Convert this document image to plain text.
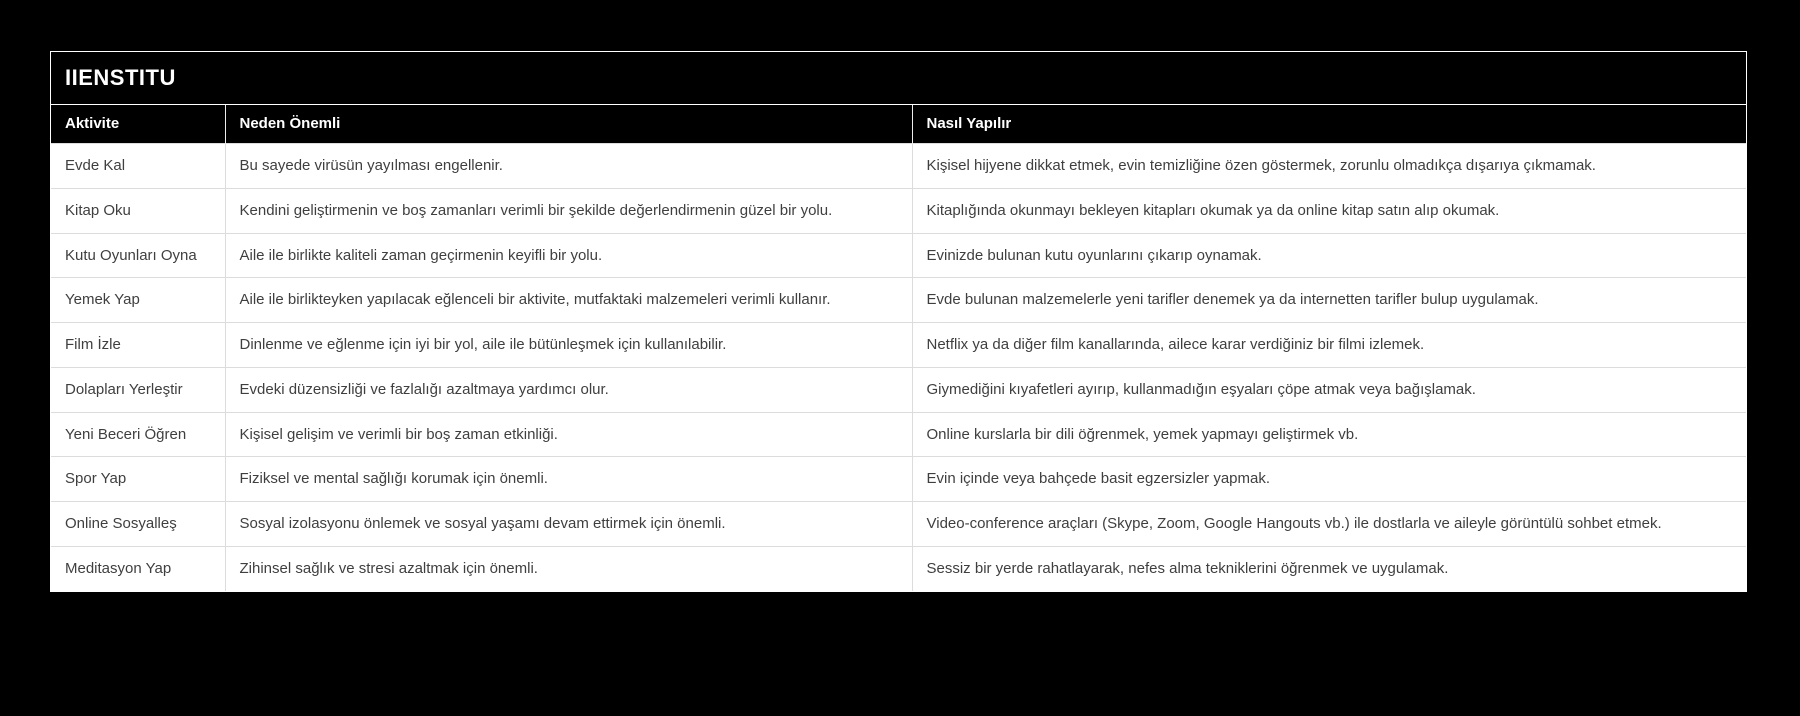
IIENSTITU
Aktivite	Neden Önemli	Nasıl Yapılır
Evde Kal	Bu sayede virüsün yayılması engellenir.	Kişisel hijyene dikkat etmek, evin temizliğine özen göstermek, zorunlu olmadıkça dışarıya çıkmamak.
Kitap Oku	Kendini geliştirmenin ve boş zamanları verimli bir şekilde değerlendirmenin güzel bir yolu.	Kitaplığında okunmayı bekleyen kitapları okumak ya da online kitap satın alıp okumak.
Kutu Oyunları Oyna	Aile ile birlikte kaliteli zaman geçirmenin keyifli bir yolu.	Evinizde bulunan kutu oyunlarını çıkarıp oynamak.
Yemek Yap	Aile ile birlikteyken yapılacak eğlenceli bir aktivite, mutfaktaki malzemeleri verimli kullanır.	Evde bulunan malzemelerle yeni tarifler denemek ya da internetten tarifler bulup uygulamak.
Film İzle	Dinlenme ve eğlenme için iyi bir yol, aile ile bütünleşmek için kullanılabilir.	Netflix ya da diğer film kanallarında, ailece karar verdiğiniz bir filmi izlemek.
Dolapları Yerleştir	Evdeki düzensizliği ve fazlalığı azaltmaya yardımcı olur.	Giymediğini kıyafetleri ayırıp, kullanmadığın eşyaları çöpe atmak veya bağışlamak.
Yeni Beceri Öğren	Kişisel gelişim ve verimli bir boş zaman etkinliği.	Online kurslarla bir dili öğrenmek, yemek yapmayı geliştirmek vb.
Spor Yap	Fiziksel ve mental sağlığı korumak için önemli.	Evin içinde veya bahçede basit egzersizler yapmak.
Online Sosyalleş	Sosyal izolasyonu önlemek ve sosyal yaşamı devam ettirmek için önemli.	Video-conference araçları (Skype, Zoom, Google Hangouts vb.) ile dostlarla ve aileyle görüntülü sohbet etmek.
Meditasyon Yap	Zihinsel sağlık ve stresi azaltmak için önemli.	Sessiz bir yerde rahatlayarak, nefes alma tekniklerini öğrenmek ve uygulamak.
